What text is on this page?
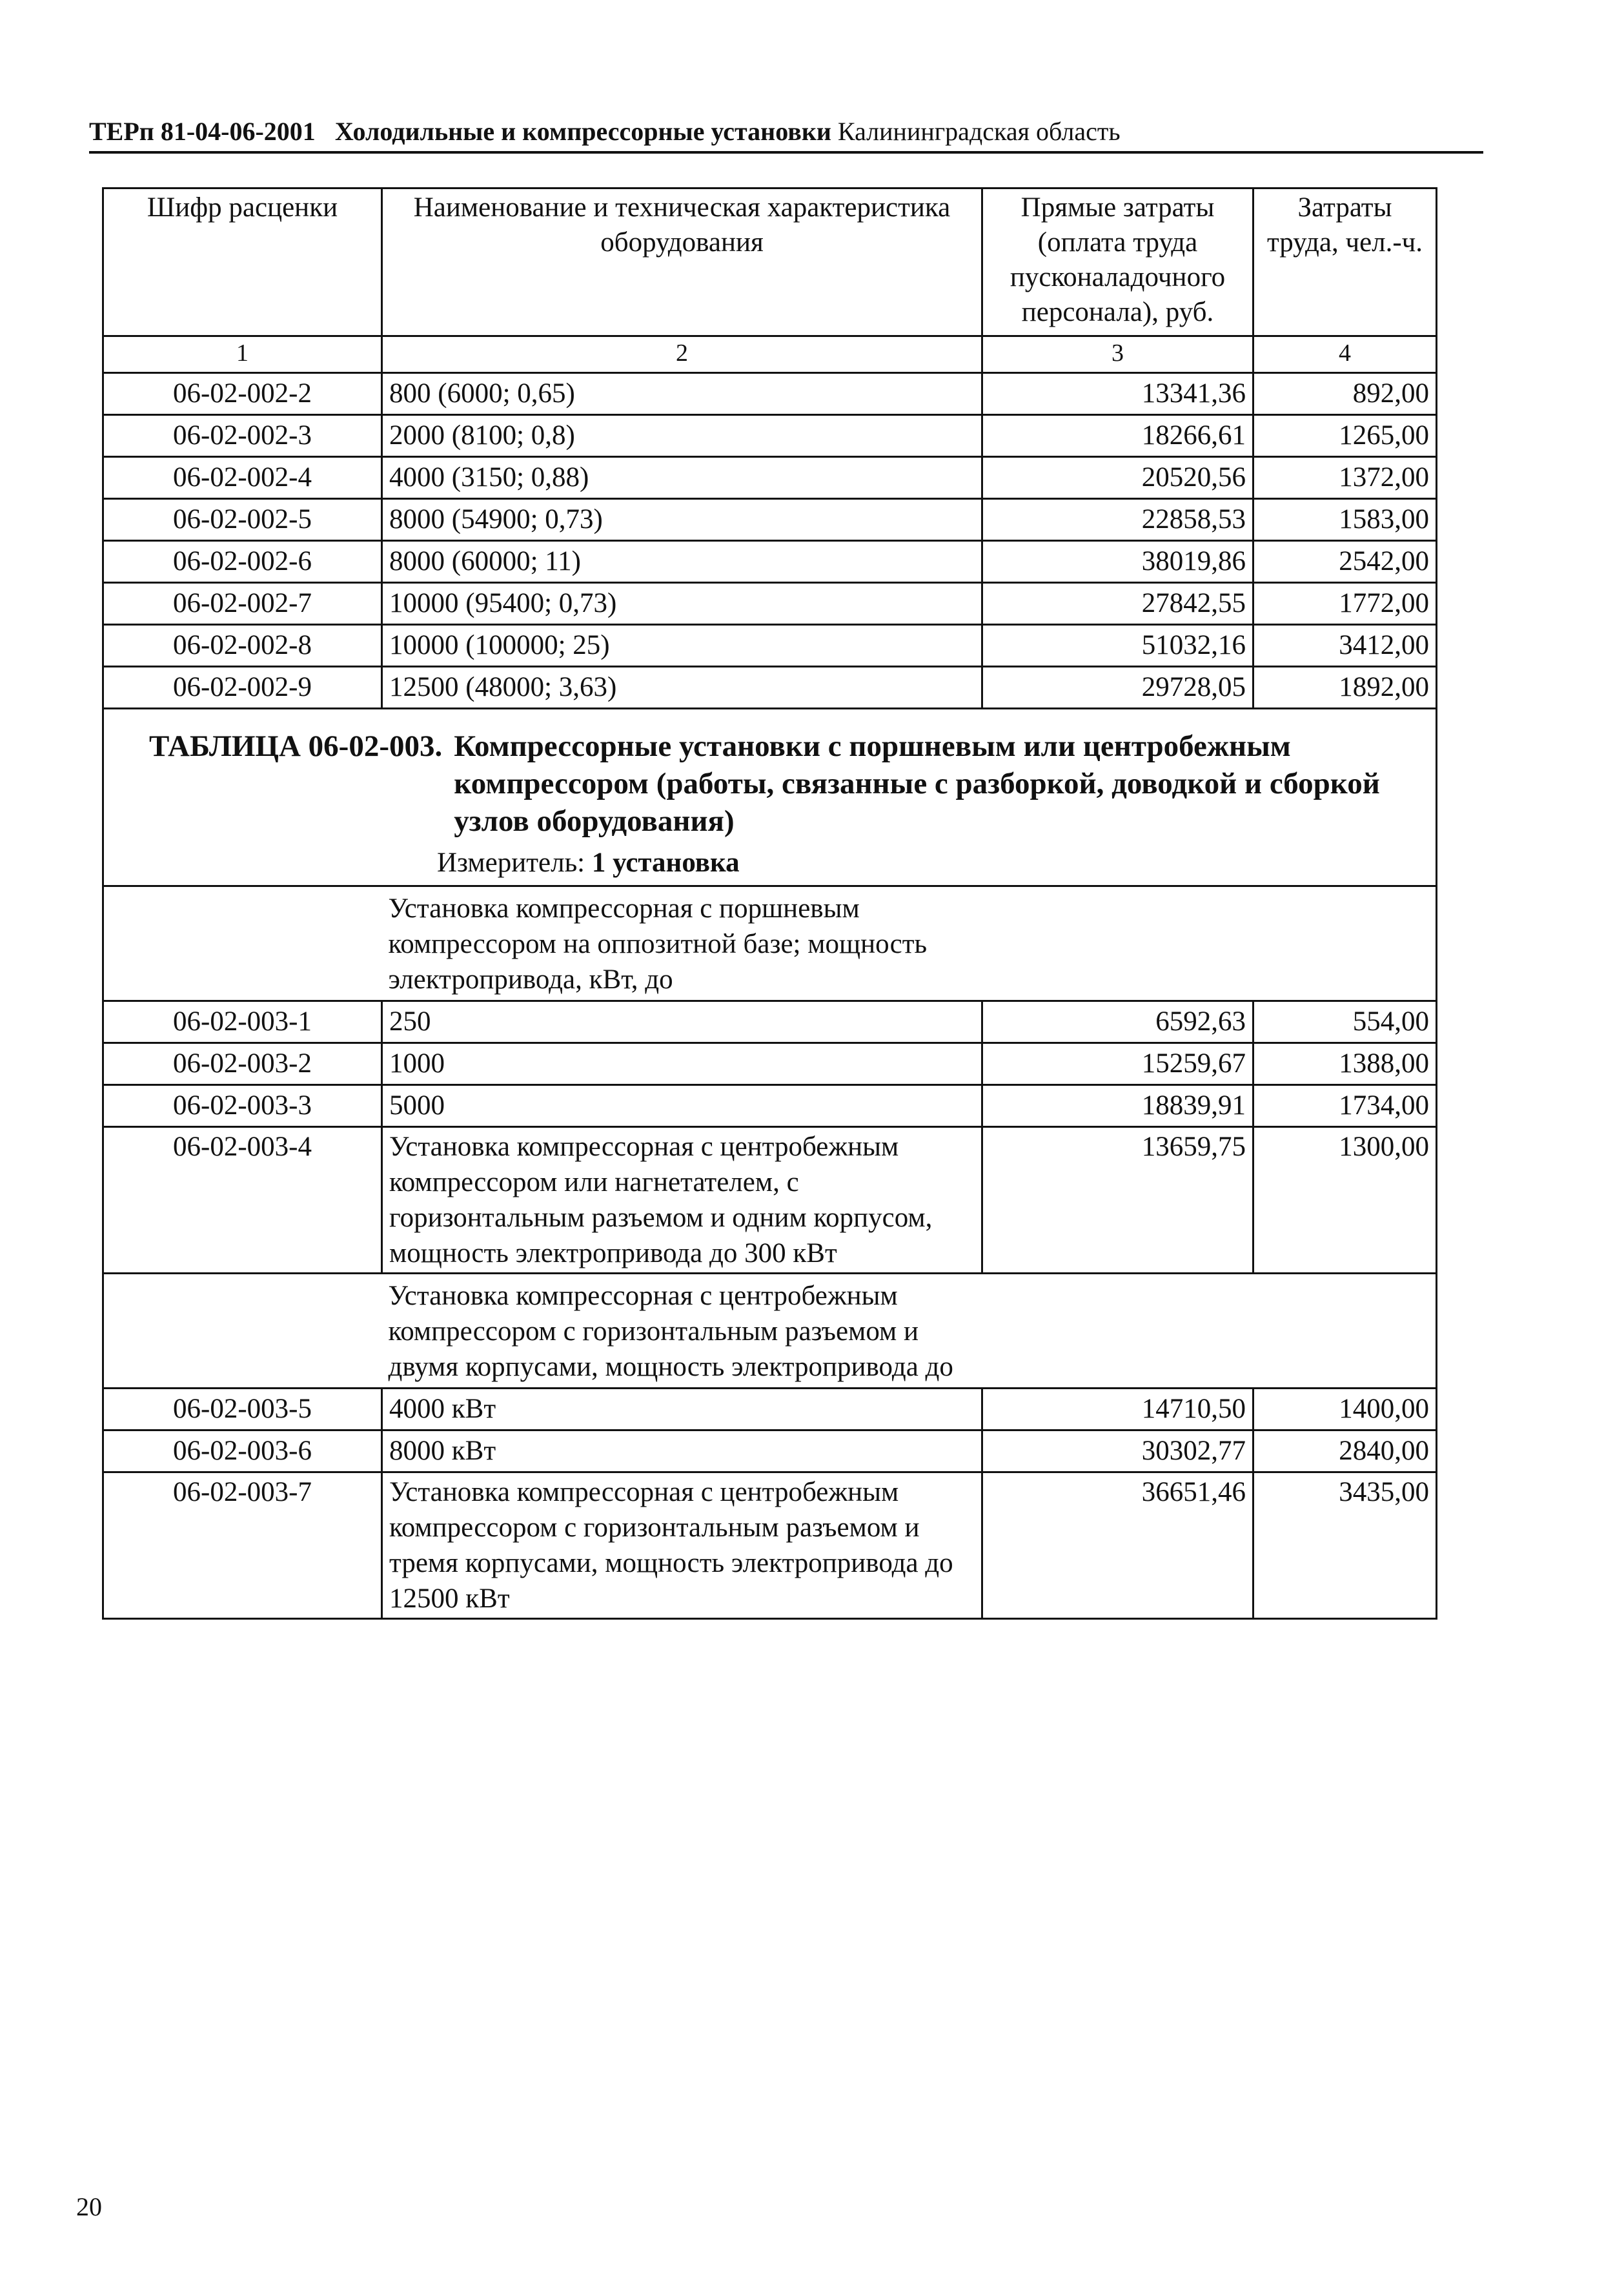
ТЕРп 81-04-06-2001 Холодильные и компрессорные установки Калининградская область
Шифр расценки	Наименование и техническая характеристика оборудования	Прямые затраты (оплата труда пусконаладочного персонала), руб.	Затраты труда, чел.-ч.
1	2	3	4
06-02-002-2	800 (6000; 0,65)	13341,36	892,00
06-02-002-3	2000 (8100; 0,8)	18266,61	1265,00
06-02-002-4	4000 (3150; 0,88)	20520,56	1372,00
06-02-002-5	8000 (54900; 0,73)	22858,53	1583,00
06-02-002-6	8000 (60000; 11)	38019,86	2542,00
06-02-002-7	10000 (95400; 0,73)	27842,55	1772,00
06-02-002-8	10000 (100000; 25)	51032,16	3412,00
06-02-002-9	12500 (48000; 3,63)	29728,05	1892,00

ТАБЛИЦА 06-02-003. Компрессорные установки с поршневым или центробежным компрессором (работы, связанные с разборкой, доводкой и сборкой узлов оборудования)
Измеритель: 1 установка			

	Установка компрессорная с поршневым компрессором на оппозитной базе; мощность электропривода, кВт, до		

06-02-003-1	250	6592,63	554,00
06-02-003-2	1000	15259,67	1388,00
06-02-003-3	5000	18839,91	1734,00
06-02-003-4	Установка компрессорная с центробежным компрессором или нагнетателем, с горизонтальным разъемом и одним корпусом, мощность электропривода до 300 кВт	13659,75	1300,00

	Установка компрессорная с центробежным компрессором с горизонтальным разъемом и двумя корпусами, мощность электропривода до		

06-02-003-5	4000 кВт	14710,50	1400,00
06-02-003-6	8000 кВт	30302,77	2840,00
06-02-003-7	Установка компрессорная с центробежным компрессором с горизонтальным разъемом и тремя корпусами, мощность электропривода до 12500 кВт	36651,46	3435,00
20
